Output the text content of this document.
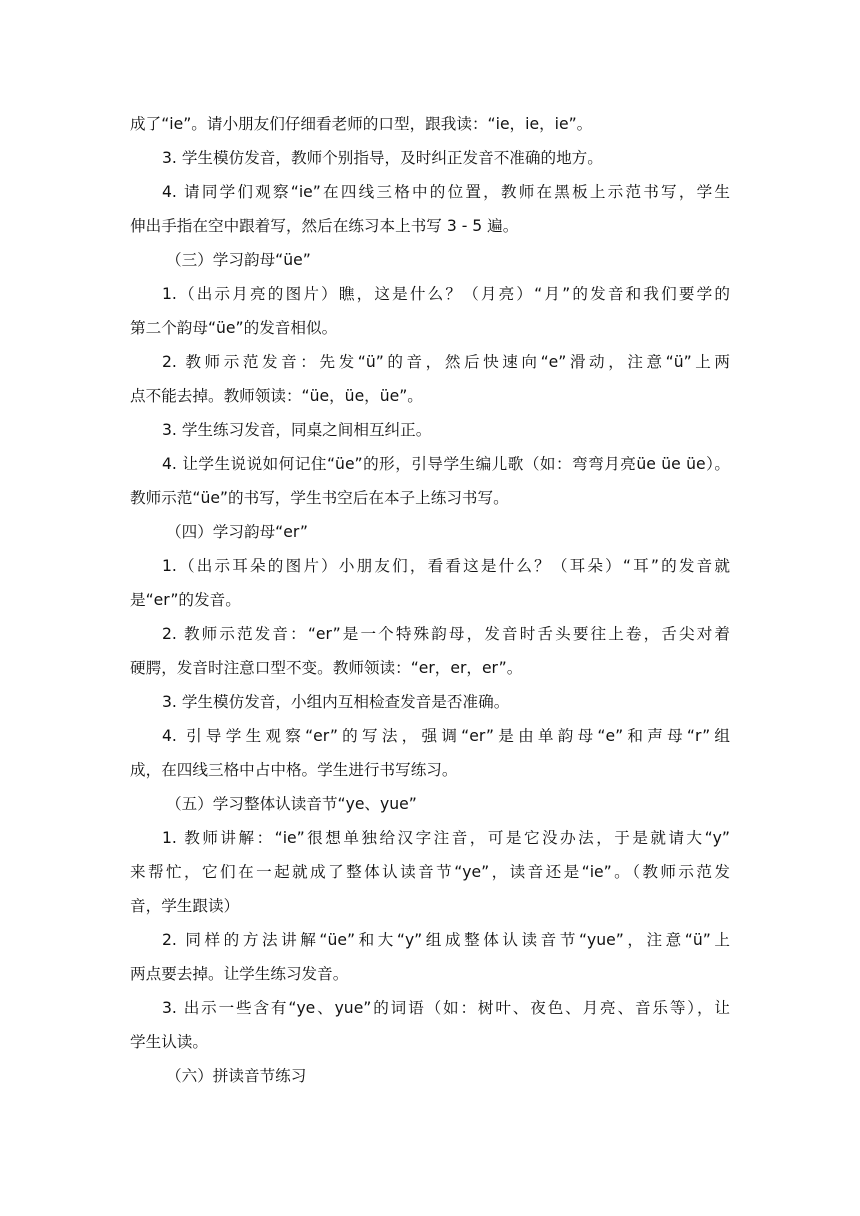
成了“ie”。请小朋友们仔细看老师的口型，跟我读：“ie，ie，ie”。
3. 学生模仿发音，教师个别指导，及时纠正发音不准确的地方。
4. 请同学们观察“ie”在四线三格中的位置，教师在黑板上示范书写，学生
伸出手指在空中跟着写，然后在练习本上书写 3 - 5 遍。
（三）学习韵母“üe”
1.（出示月亮的图片）瞧，这是什么？（月亮）“月”的发音和我们要学的
第二个韵母“üe”的发音相似。
2. 教师示范发音：先发“ü”的音，然后快速向“e”滑动，注意“ü”上两
点不能去掉。教师领读：“üe，üe，üe”。
3. 学生练习发音，同桌之间相互纠正。
4. 让学生说说如何记住“üe”的形，引导学生编儿歌（如：弯弯月亮üe üe üe）。
教师示范“üe”的书写，学生书空后在本子上练习书写。
（四）学习韵母“er”
1.（出示耳朵的图片）小朋友们，看看这是什么？（耳朵）“耳”的发音就
是“er”的发音。
2. 教师示范发音：“er”是一个特殊韵母，发音时舌头要往上卷，舌尖对着
硬腭，发音时注意口型不变。教师领读：“er，er，er”。
3. 学生模仿发音，小组内互相检查发音是否准确。
4. 引导学生观察“er”的写法，强调“er”是由单韵母“e”和声母“r”组
成，在四线三格中占中格。学生进行书写练习。
（五）学习整体认读音节“ye、yue”
1. 教师讲解：“ie”很想单独给汉字注音，可是它没办法，于是就请大“y”
来帮忙，它们在一起就成了整体认读音节“ye”，读音还是“ie”。（教师示范发
音，学生跟读）
2. 同样的方法讲解“üe”和大“y”组成整体认读音节“yue”，注意“ü”上
两点要去掉。让学生练习发音。
3. 出示一些含有“ye、yue”的词语（如：树叶、夜色、月亮、音乐等），让
学生认读。
（六）拼读音节练习
